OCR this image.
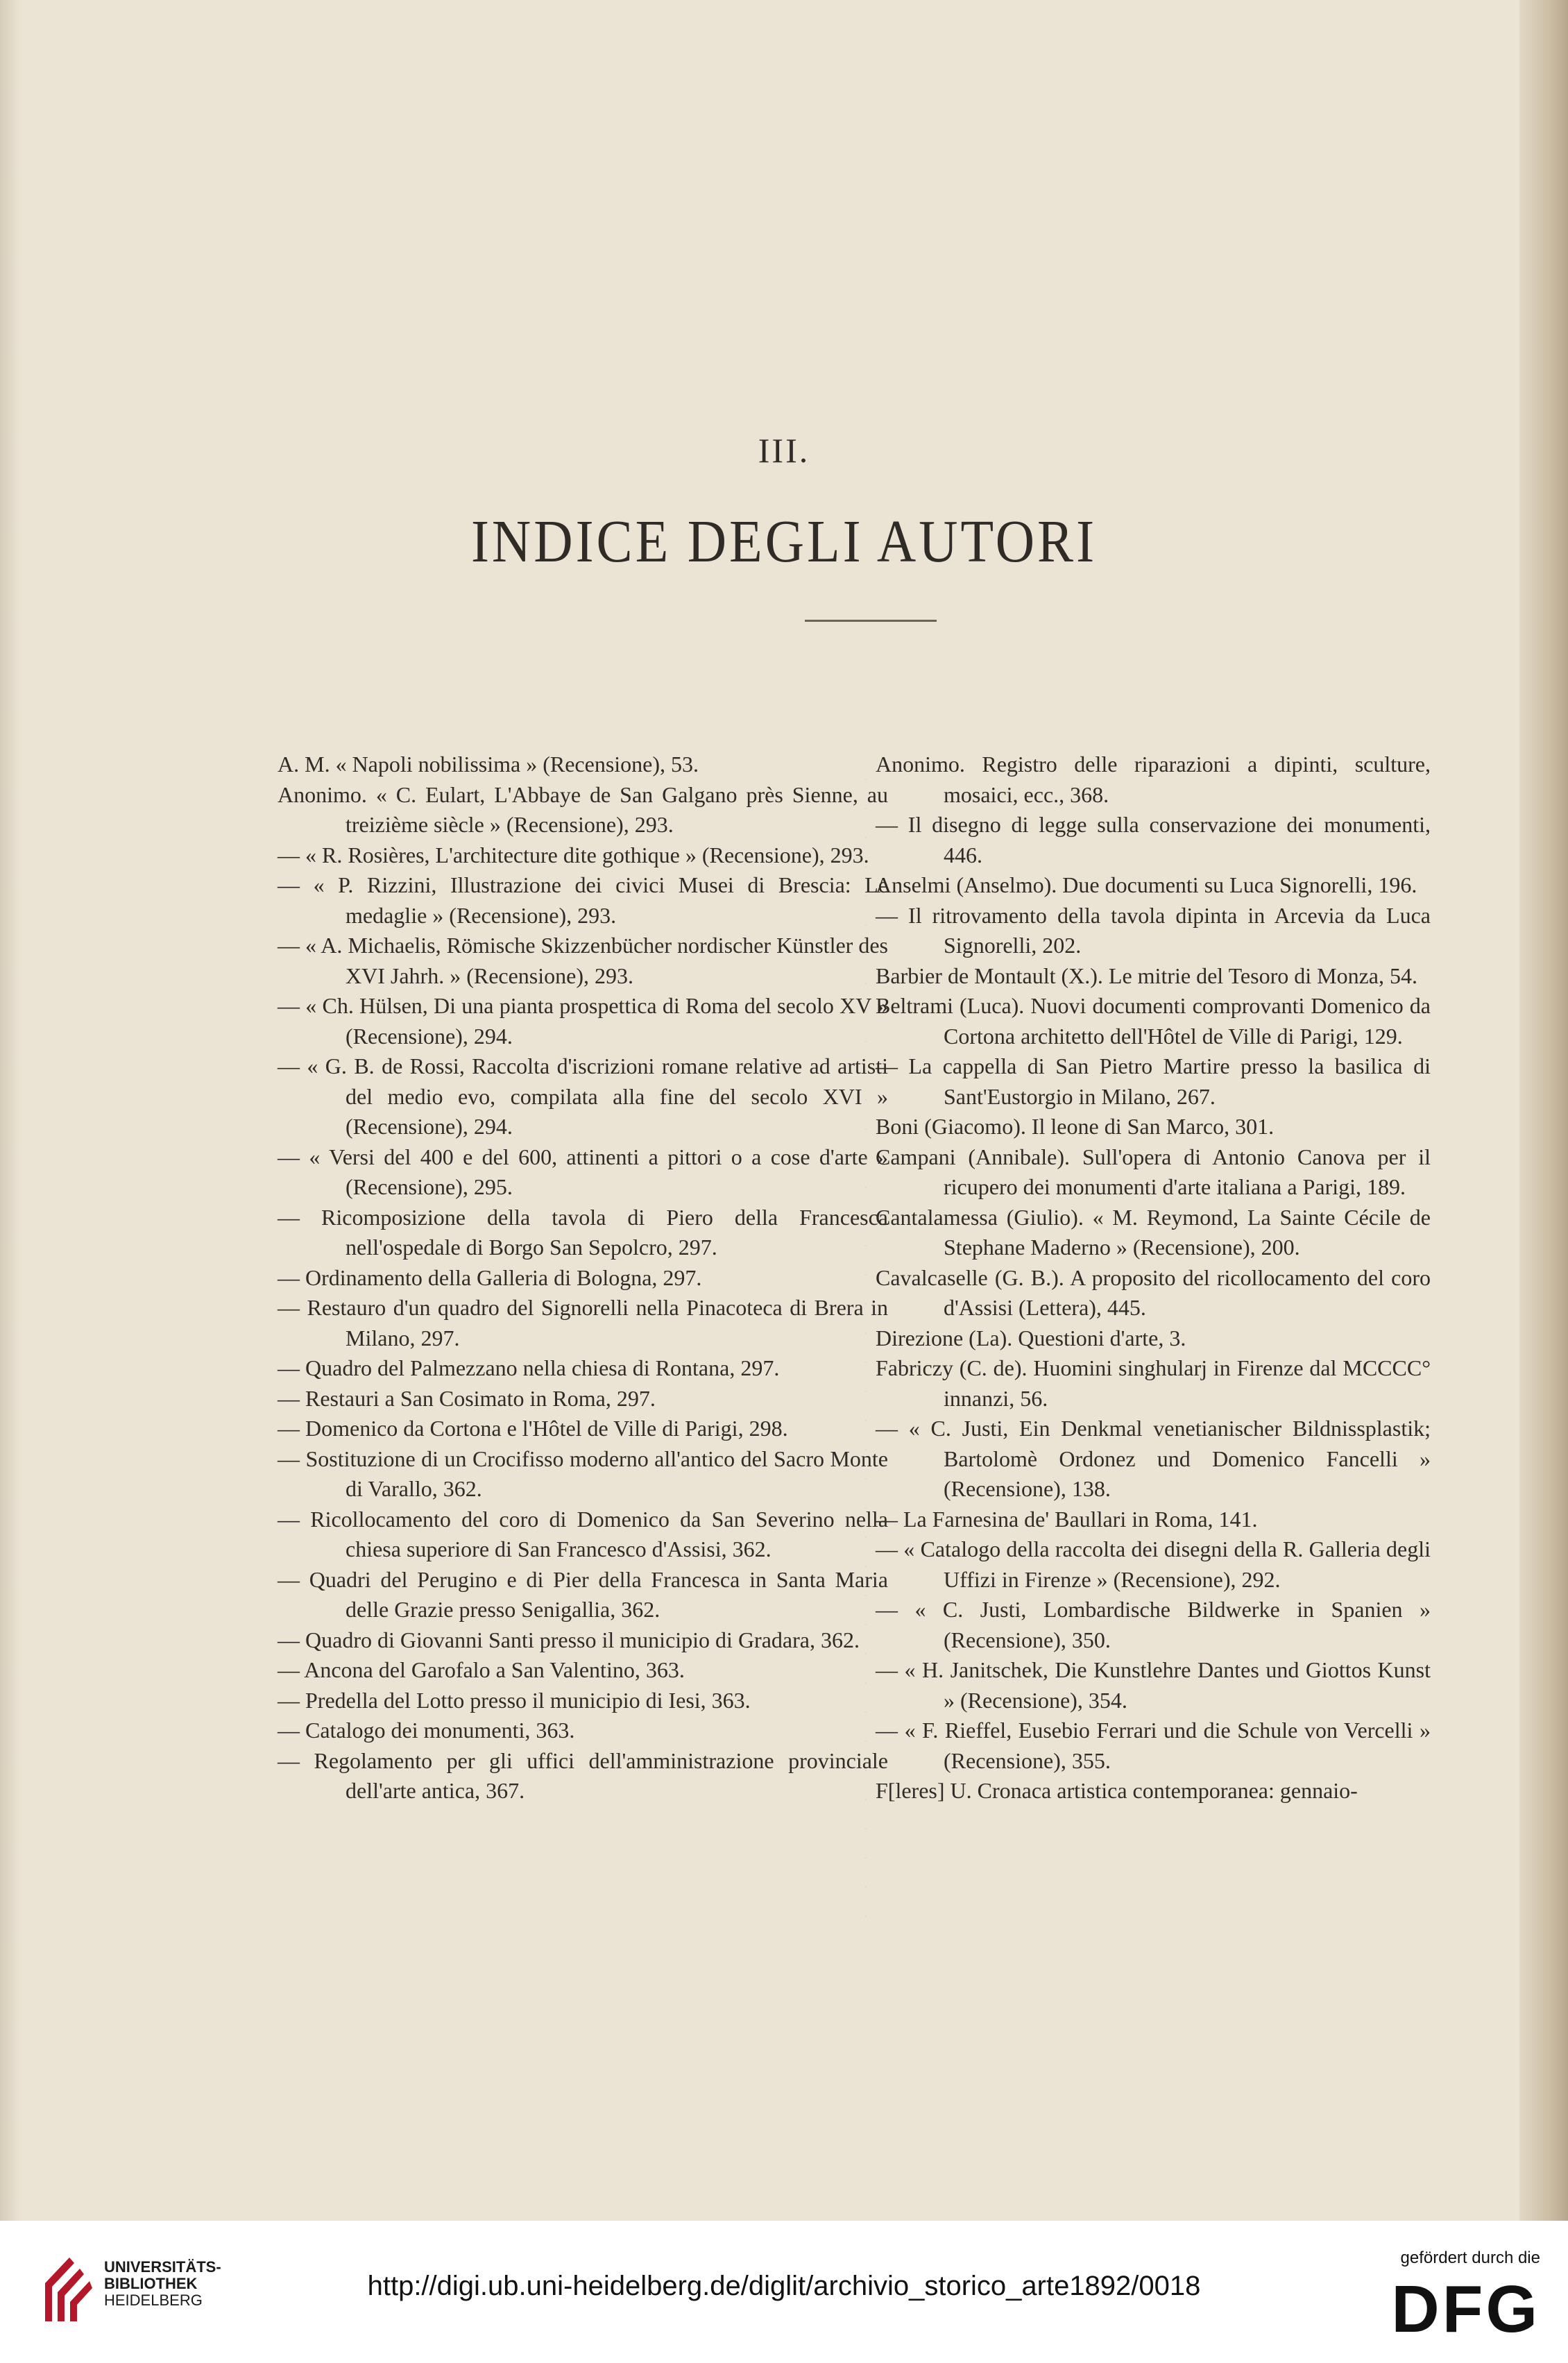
III.
INDICE DEGLI AUTORI

A. M. « Napoli nobilissima » (Recensione), 53.

Anonimo. « C. Eulart, L'Abbaye de San Galgano près Sienne, au treizième siècle » (Recensione), 293.

— « R. Rosières, L'architecture dite gothique » (Recensione), 293.

— « P. Rizzini, Illustrazione dei civici Musei di Brescia: Le medaglie » (Recensione), 293.

— « A. Michaelis, Römische Skizzenbücher nordischer Künstler des XVI Jahrh. » (Recensione), 293.

— « Ch. Hülsen, Di una pianta prospettica di Roma del secolo XV » (Recensione), 294.

— « G. B. de Rossi, Raccolta d'iscrizioni romane relative ad artisti del medio evo, compilata alla fine del secolo XVI » (Recensione), 294.

— « Versi del 400 e del 600, attinenti a pittori o a cose d'arte » (Recensione), 295.

— Ricomposizione della tavola di Piero della Francesca nell'ospedale di Borgo San Sepolcro, 297.

— Ordinamento della Galleria di Bologna, 297.

— Restauro d'un quadro del Signorelli nella Pinacoteca di Brera in Milano, 297.

— Quadro del Palmezzano nella chiesa di Rontana, 297.

— Restauri a San Cosimato in Roma, 297.

— Domenico da Cortona e l'Hôtel de Ville di Parigi, 298.

— Sostituzione di un Crocifisso moderno all'antico del Sacro Monte di Varallo, 362.

— Ricollocamento del coro di Domenico da San Severino nella chiesa superiore di San Francesco d'Assisi, 362.

— Quadri del Perugino e di Pier della Francesca in Santa Maria delle Grazie presso Senigallia, 362.

— Quadro di Giovanni Santi presso il municipio di Gradara, 362.

— Ancona del Garofalo a San Valentino, 363.

— Predella del Lotto presso il municipio di Iesi, 363.

— Catalogo dei monumenti, 363.

— Regolamento per gli uffici dell'amministrazione provinciale dell'arte antica, 367.

Anonimo. Registro delle riparazioni a dipinti, sculture, mosaici, ecc., 368.

— Il disegno di legge sulla conservazione dei monumenti, 446.

Anselmi (Anselmo). Due documenti su Luca Signorelli, 196.

— Il ritrovamento della tavola dipinta in Arcevia da Luca Signorelli, 202.

Barbier de Montault (X.). Le mitrie del Tesoro di Monza, 54.

Beltrami (Luca). Nuovi documenti comprovanti Domenico da Cortona architetto dell'Hôtel de Ville di Parigi, 129.

— La cappella di San Pietro Martire presso la basilica di Sant'Eustorgio in Milano, 267.

Boni (Giacomo). Il leone di San Marco, 301.

Campani (Annibale). Sull'opera di Antonio Canova per il ricupero dei monumenti d'arte italiana a Parigi, 189.

Cantalamessa (Giulio). « M. Reymond, La Sainte Cécile de Stephane Maderno » (Recensione), 200.

Cavalcaselle (G. B.). A proposito del ricollocamento del coro d'Assisi (Lettera), 445.

Direzione (La). Questioni d'arte, 3.

Fabriczy (C. de). Huomini singhularj in Firenze dal MCCCC° innanzi, 56.

— « C. Justi, Ein Denkmal venetianischer Bildnissplastik; Bartolomè Ordonez und Domenico Fancelli » (Recensione), 138.

— La Farnesina de' Baullari in Roma, 141.

— « Catalogo della raccolta dei disegni della R. Galleria degli Uffizi in Firenze » (Recensione), 292.

— « C. Justi, Lombardische Bildwerke in Spanien » (Recensione), 350.

— « H. Janitschek, Die Kunstlehre Dantes und Giottos Kunst » (Recensione), 354.

— « F. Rieffel, Eusebio Ferrari und die Schule von Vercelli » (Recensione), 355.

F[leres] U. Cronaca artistica contemporanea: gennaio-

UNIVERSITÄTS-
BIBLIOTHEK
HEIDELBERG	http://digi.ub.uni-heidelberg.de/diglit/archivio_storico_arte1892/0018
gefördert durch die
DFG
